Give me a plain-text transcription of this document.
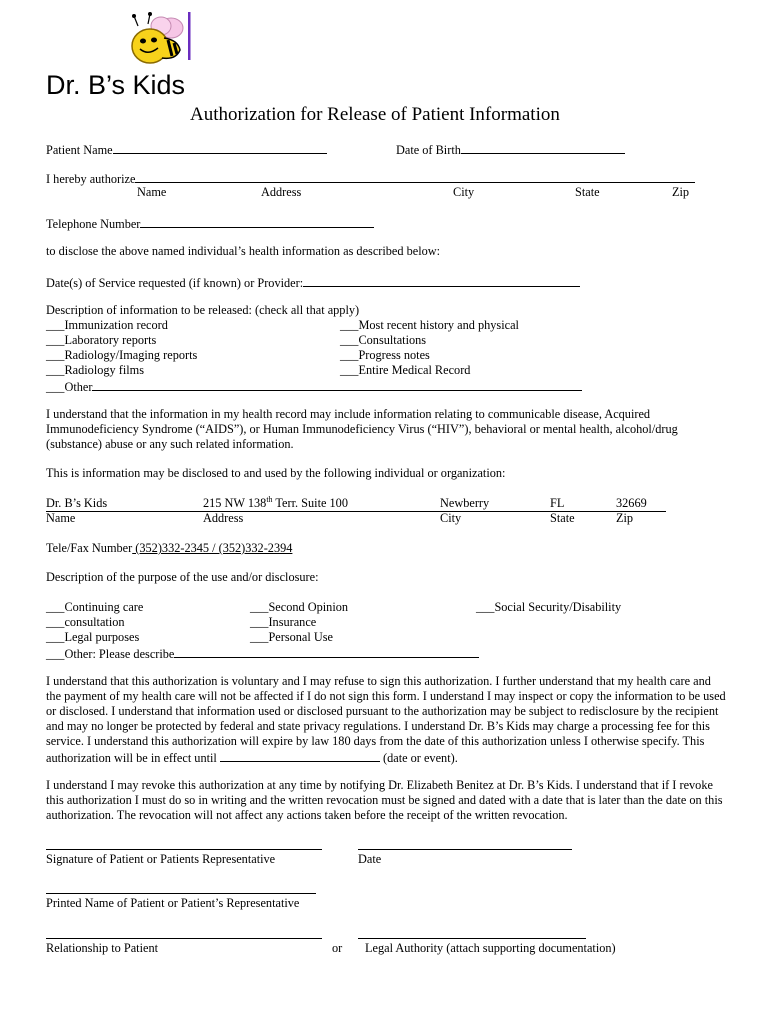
Dr. B’s Kids
Authorization for Release of Patient Information
Patient Name	Date of Birth
I hereby authorize
Name	Address	City	State	Zip
Telephone Number
to disclose the above named individual’s health information as described below:
Date(s) of Service requested (if known) or Provider:
Description of information to be released: (check all that apply)
___Immunization record
___Laboratory reports
___Radiology/Imaging reports
___Radiology films
___Other
___Most recent history and physical
___Consultations
___Progress notes
___Entire Medical Record
I understand that the information in my health record may include information relating to communicable disease, Acquired Immunodeficiency Syndrome (“AIDS”), or Human Immunodeficiency Virus (“HIV”), behavioral or mental health, alcohol/drug (substance) abuse or any such related information.
This is information may be disclosed to and used by the following individual or organization:
Dr. B’s Kids	215 NW 138th Terr. Suite 100	Newberry	FL	32669
Name	Address	City	State	Zip
Tele/Fax Number (352)332-2345 / (352)332-2394
Description of the purpose of the use and/or disclosure:
___Continuing care
___consultation
___Legal purposes
___Second Opinion
___Insurance
___Personal Use
___Social Security/Disability
___Other: Please describe
I understand that this authorization is voluntary and I may refuse to sign this authorization. I further understand that my health care and the payment of my health care will not be affected if I do not sign this form. I understand I may inspect or copy the information to be used or disclosed. I understand that information used or disclosed pursuant to the authorization may be subject to redisclosure by the recipient and may no longer be protected by federal and state privacy regulations. I understand Dr. B’s Kids may charge a processing fee for this service. I understand this authorization will expire by law 180 days from the date of this authorization unless I otherwise specify. This authorization will be in effect until	(date or event).
I understand I may revoke this authorization at any time by notifying Dr. Elizabeth Benitez at Dr. B’s Kids. I understand that if I revoke this authorization I must do so in writing and the written revocation must be signed and dated with a date that is later than the date on this authorization. The revocation will not affect any actions taken before the receipt of the written revocation.
Signature of Patient or Patients Representative	Date
Printed Name of Patient or Patient’s Representative
Relationship to Patient	or Legal Authority (attach supporting documentation)
